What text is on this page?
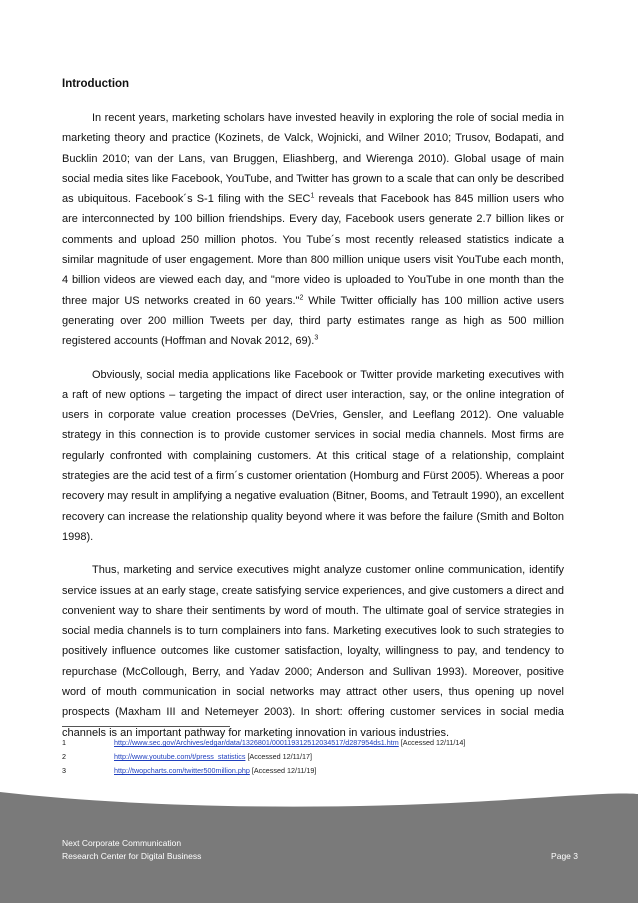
Introduction

In recent years, marketing scholars have invested heavily in exploring the role of social media in marketing theory and practice (Kozinets, de Valck, Wojnicki, and Wilner 2010; Trusov, Bodapati, and Bucklin 2010; van der Lans, van Bruggen, Eliashberg, and Wierenga 2010). Global usage of main social media sites like Facebook, YouTube, and Twitter has grown to a scale that can only be described as ubiquitous. Facebook´s S-1 filing with the SEC$^1$ reveals that Facebook has 845 million users who are interconnected by 100 billion friendships. Every day, Facebook users generate 2.7 billion likes or comments and upload 250 million photos. You Tube´s most recently released statistics indicate a similar magnitude of user engagement. More than 800 million unique users visit YouTube each month, 4 billion videos are viewed each day, and "more video is uploaded to YouTube in one month than the three major US networks created in 60 years."$^2$ While Twitter officially has 100 million active users generating over 200 million Tweets per day, third party estimates range as high as 500 million registered accounts (Hoffman and Novak 2012, 69).$^3$

Obviously, social media applications like Facebook or Twitter provide marketing executives with a raft of new options – targeting the impact of direct user interaction, say, or the online integration of users in corporate value creation processes (DeVries, Gensler, and Leeflang 2012). One valuable strategy in this connection is to provide customer services in social media channels. Most firms are regularly confronted with complaining customers. At this critical stage of a relationship, complaint strategies are the acid test of a firm´s customer orientation (Homburg and Fürst 2005). Whereas a poor recovery may result in amplifying a negative evaluation (Bitner, Booms, and Tetrault 1990), an excellent recovery can increase the relationship quality beyond where it was before the failure (Smith and Bolton 1998).

Thus, marketing and service executives might analyze customer online communication, identify service issues at an early stage, create satisfying service experiences, and give customers a direct and convenient way to share their sentiments by word of mouth. The ultimate goal of service strategies in social media channels is to turn complainers into fans. Marketing executives look to such strategies to positively influence outcomes like customer satisfaction, loyalty, willingness to pay, and tendency to repurchase (McCollough, Berry, and Yadav 2000; Anderson and Sullivan 1993). Moreover, positive word of mouth communication in social networks may attract other users, thus opening up novel prospects (Maxham III and Netemeyer 2003). In short: offering customer services in social media channels is an important pathway for marketing innovation in various industries.

1	http://www.sec.gov/Archives/edgar/data/1326801/000119312512034517/d287954ds1.htm [Accessed 12/11/14]
2	http://www.youtube.com/t/press_statistics [Accessed 12/11/17]
3	http://twopcharts.com/twitter500million.php [Accessed 12/11/19]
Next Corporate Communication
Research Center for Digital Business	Page 3
